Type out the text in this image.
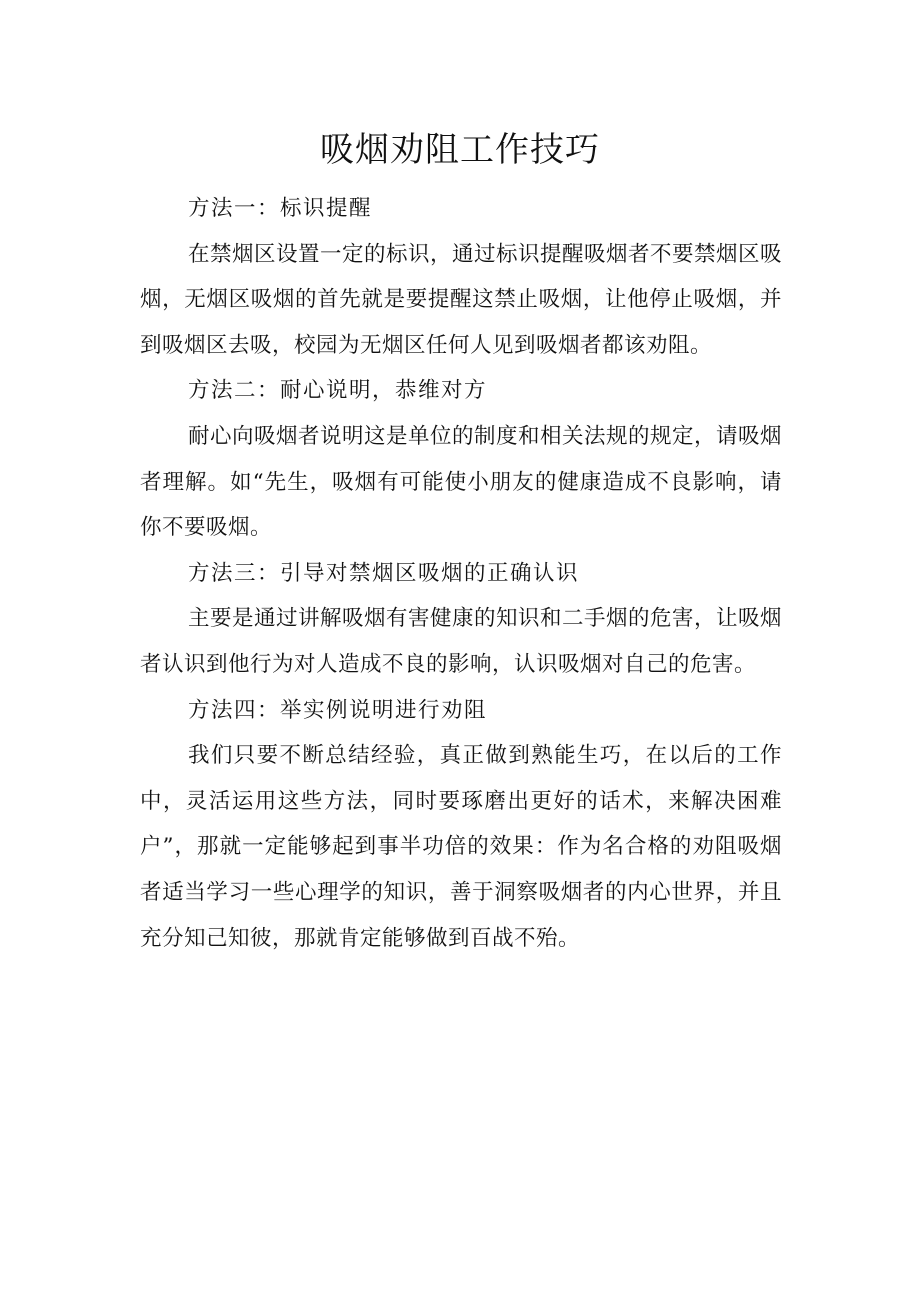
吸烟劝阻工作技巧

方法一：标识提醒

在禁烟区设置一定的标识，通过标识提醒吸烟者不要禁烟区吸烟，无烟区吸烟的首先就是要提醒这禁止吸烟，让他停止吸烟，并到吸烟区去吸，校园为无烟区任何人见到吸烟者都该劝阻。

方法二：耐心说明，恭维对方

耐心向吸烟者说明这是单位的制度和相关法规的规定，请吸烟者理解。如“先生，吸烟有可能使小朋友的健康造成不良影响，请你不要吸烟。

方法三：引导对禁烟区吸烟的正确认识

主要是通过讲解吸烟有害健康的知识和二手烟的危害，让吸烟者认识到他行为对人造成不良的影响，认识吸烟对自己的危害。

方法四：举实例说明进行劝阻

我们只要不断总结经验，真正做到熟能生巧，在以后的工作中，灵活运用这些方法，同时要琢磨出更好的话术，来解决困难户”，那就一定能够起到事半功倍的效果：作为名合格的劝阻吸烟者适当学习一些心理学的知识，善于洞察吸烟者的内心世界，并且充分知己知彼，那就肯定能够做到百战不殆。
